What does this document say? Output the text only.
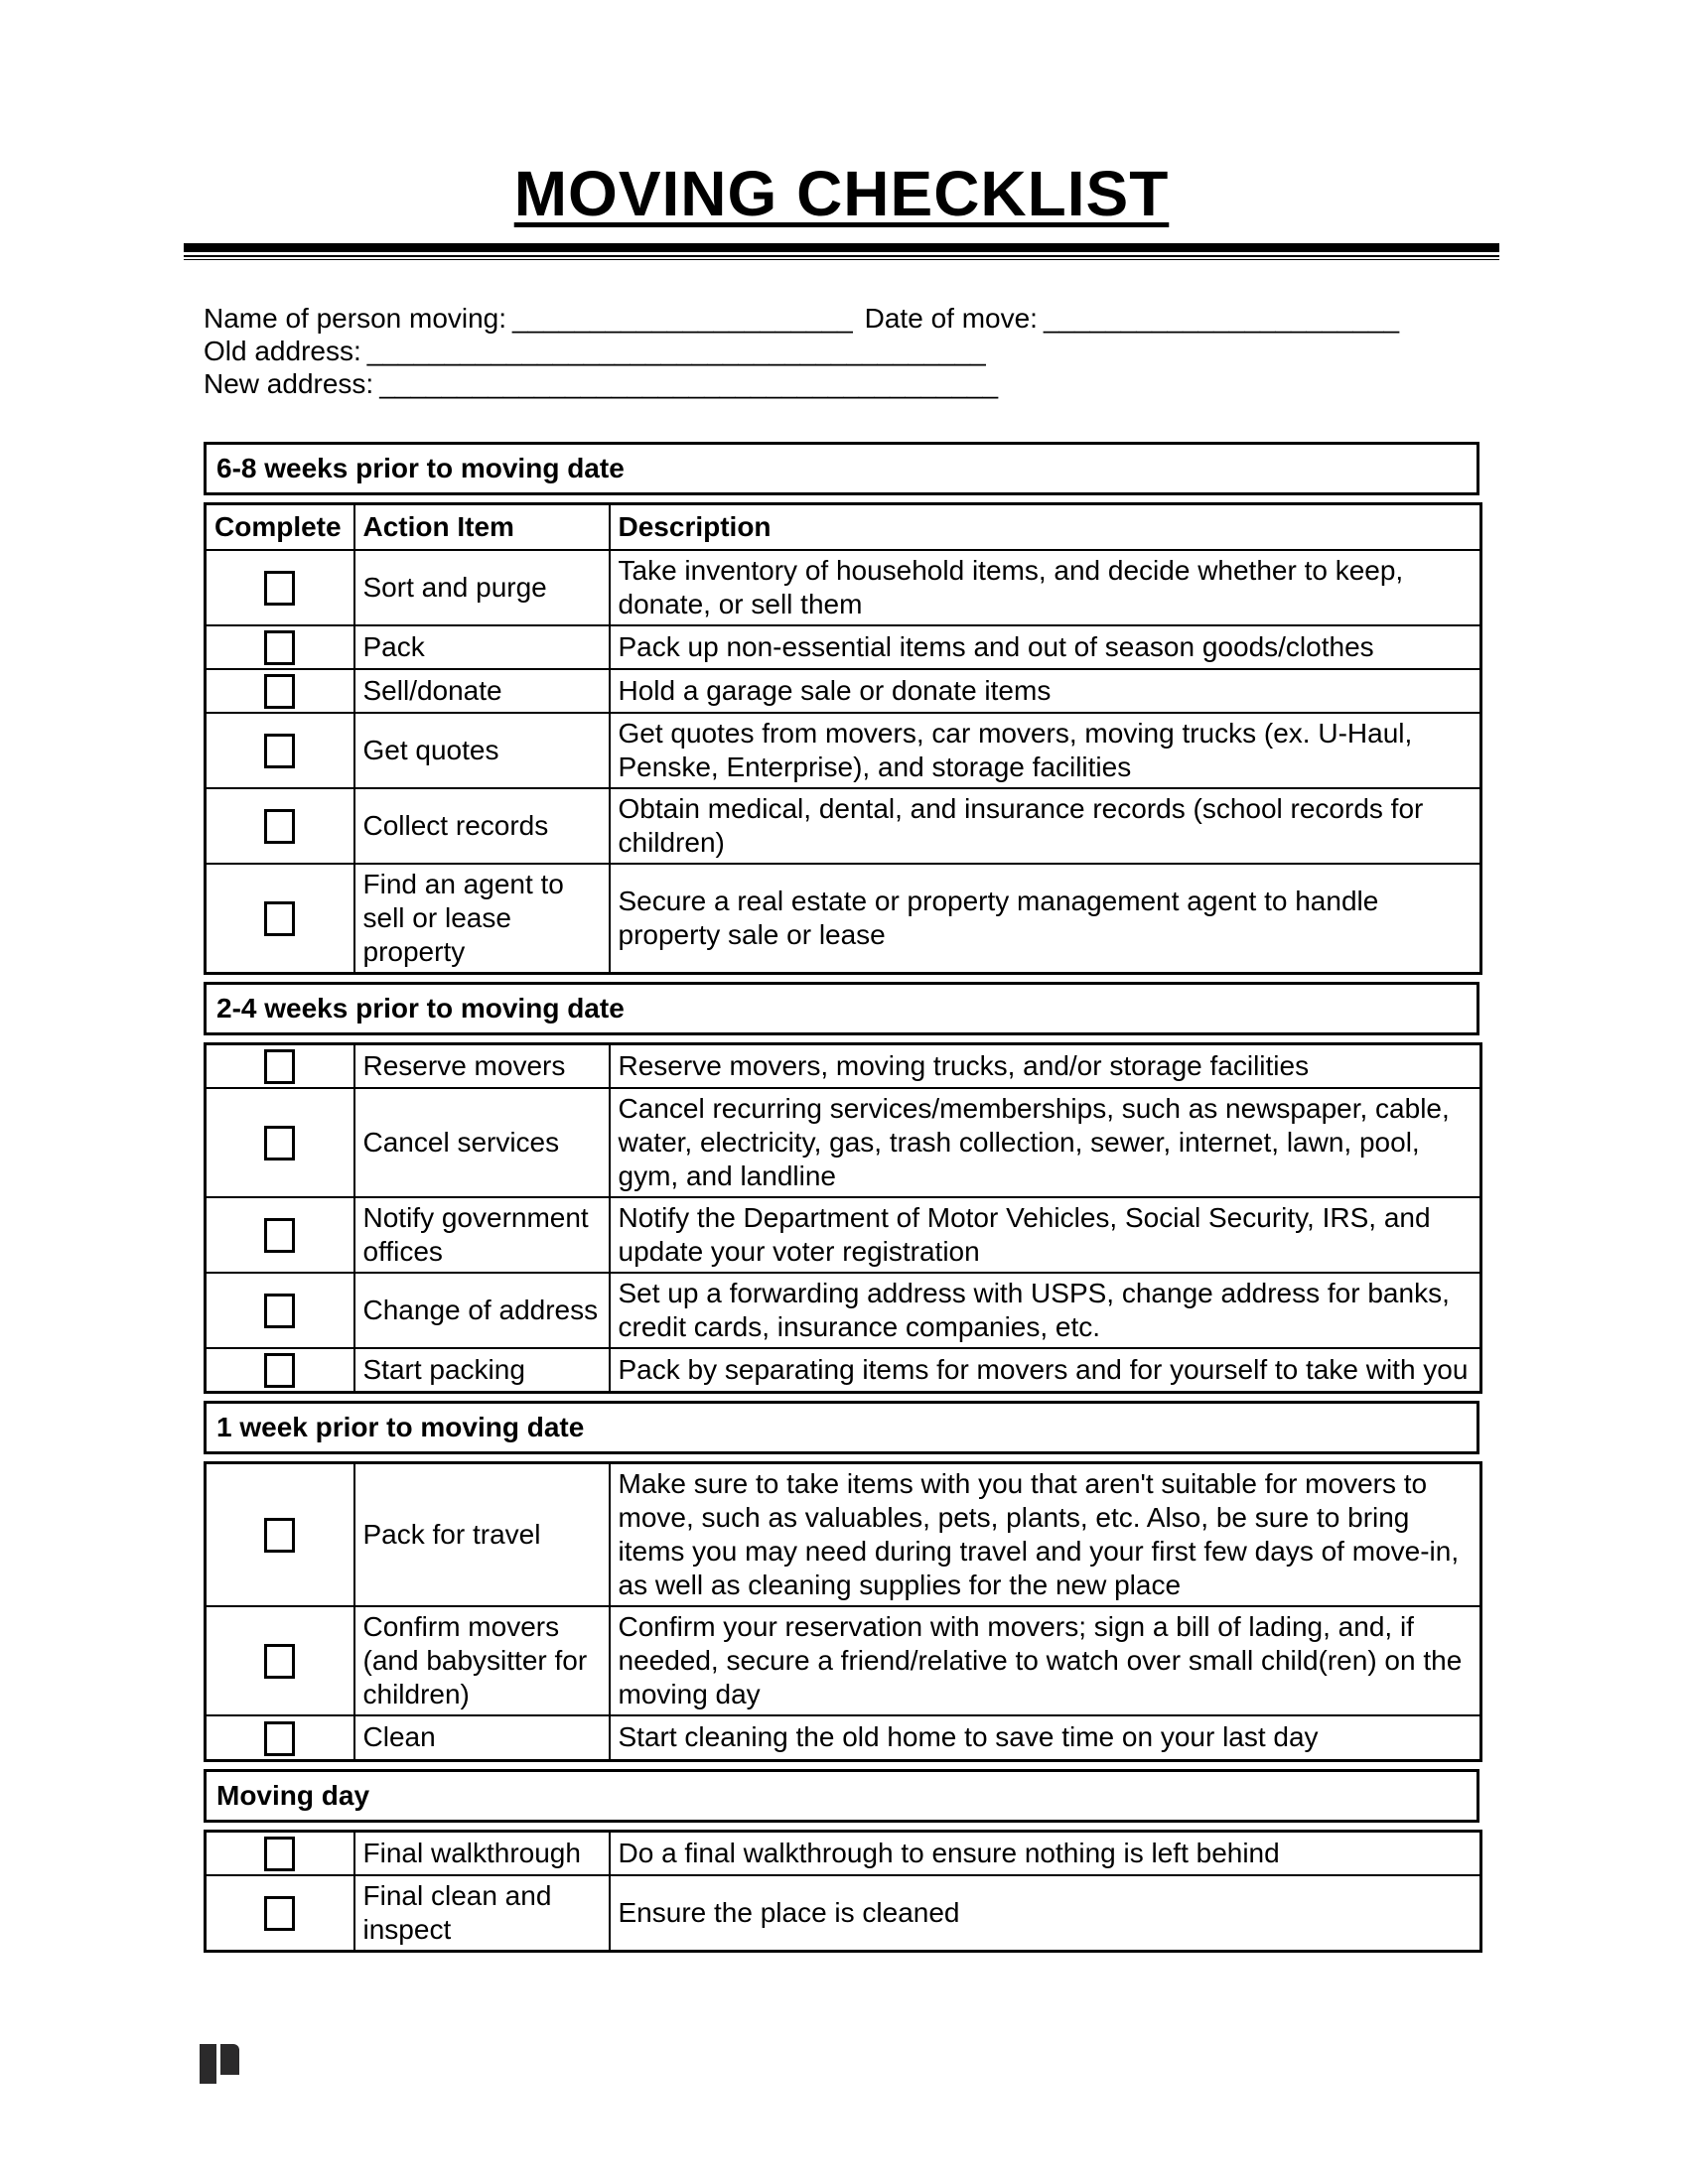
MOVING CHECKLIST
Name of person moving: ______________________ Date of move: _______________________
Old address: ________________________________________
New address: ________________________________________
6-8 weeks prior to moving date
Complete	Action Item	Description
	Sort and purge	Take inventory of household items, and decide whether to keep, donate, or sell them
	Pack	Pack up non-essential items and out of season goods/clothes
	Sell/donate	Hold a garage sale or donate items
	Get quotes	Get quotes from movers, car movers, moving trucks (ex. U-Haul, Penske, Enterprise), and storage facilities
	Collect records	Obtain medical, dental, and insurance records (school records for children)
	Find an agent to sell or lease property	Secure a real estate or property management agent to handle property sale or lease
2-4 weeks prior to moving date
	Reserve movers	Reserve movers, moving trucks, and/or storage facilities
	Cancel services	Cancel recurring services/memberships, such as newspaper, cable, water, electricity, gas, trash collection, sewer, internet, lawn, pool, gym, and landline
	Notify government offices	Notify the Department of Motor Vehicles, Social Security, IRS, and update your voter registration
	Change of address	Set up a forwarding address with USPS, change address for banks, credit cards, insurance companies, etc.
	Start packing	Pack by separating items for movers and for yourself to take with you
1 week prior to moving date
	Pack for travel	Make sure to take items with you that aren't suitable for movers to move, such as valuables, pets, plants, etc. Also, be sure to bring items you may need during travel and your first few days of move-in, as well as cleaning supplies for the new place
	Confirm movers (and babysitter for children)	Confirm your reservation with movers; sign a bill of lading, and, if needed, secure a friend/relative to watch over small child(ren) on the moving day
	Clean	Start cleaning the old home to save time on your last day
Moving day
	Final walkthrough	Do a final walkthrough to ensure nothing is left behind
	Final clean and inspect	Ensure the place is cleaned
